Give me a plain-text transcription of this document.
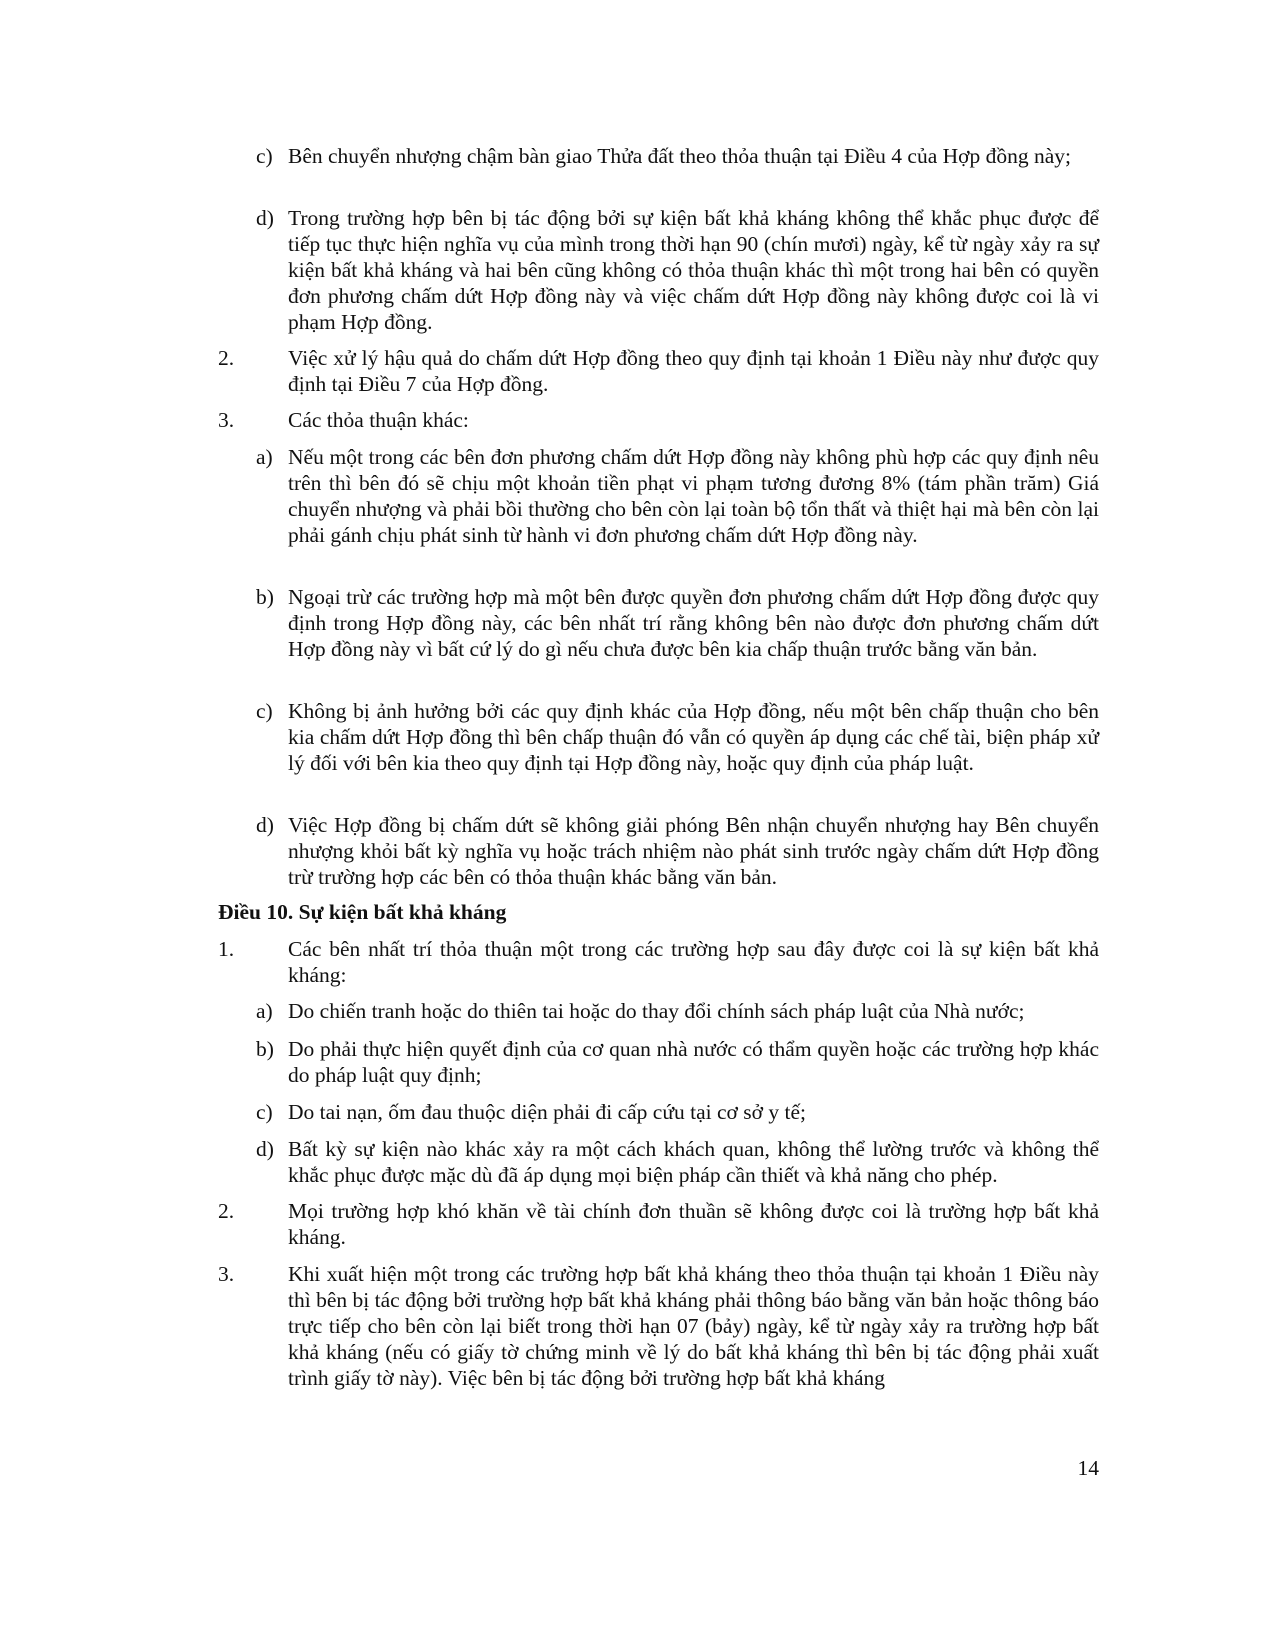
c) Bên chuyển nhượng chậm bàn giao Thửa đất theo thỏa thuận tại Điều 4 của Hợp đồng này;
d) Trong trường hợp bên bị tác động bởi sự kiện bất khả kháng không thể khắc phục được để tiếp tục thực hiện nghĩa vụ của mình trong thời hạn 90 (chín mươi) ngày, kể từ ngày xảy ra sự kiện bất khả kháng và hai bên cũng không có thỏa thuận khác thì một trong hai bên có quyền đơn phương chấm dứt Hợp đồng này và việc chấm dứt Hợp đồng này không được coi là vi phạm Hợp đồng.
2.	Việc xử lý hậu quả do chấm dứt Hợp đồng theo quy định tại khoản 1 Điều này như được quy định tại Điều 7 của Hợp đồng.
3.	Các thỏa thuận khác:
a) Nếu một trong các bên đơn phương chấm dứt Hợp đồng này không phù hợp các quy định nêu trên thì bên đó sẽ chịu một khoản tiền phạt vi phạm tương đương 8% (tám phần trăm) Giá chuyển nhượng và phải bồi thường cho bên còn lại toàn bộ tổn thất và thiệt hại mà bên còn lại phải gánh chịu phát sinh từ hành vi đơn phương chấm dứt Hợp đồng này.
b) Ngoại trừ các trường hợp mà một bên được quyền đơn phương chấm dứt Hợp đồng được quy định trong Hợp đồng này, các bên nhất trí rằng không bên nào được đơn phương chấm dứt Hợp đồng này vì bất cứ lý do gì nếu chưa được bên kia chấp thuận trước bằng văn bản.
c) Không bị ảnh hưởng bởi các quy định khác của Hợp đồng, nếu một bên chấp thuận cho bên kia chấm dứt Hợp đồng thì bên chấp thuận đó vẫn có quyền áp dụng các chế tài, biện pháp xử lý đối với bên kia theo quy định tại Hợp đồng này, hoặc quy định của pháp luật.
d) Việc Hợp đồng bị chấm dứt sẽ không giải phóng Bên nhận chuyển nhượng hay Bên chuyển nhượng khỏi bất kỳ nghĩa vụ hoặc trách nhiệm nào phát sinh trước ngày chấm dứt Hợp đồng trừ trường hợp các bên có thỏa thuận khác bằng văn bản.
Điều 10. Sự kiện bất khả kháng
1.	Các bên nhất trí thỏa thuận một trong các trường hợp sau đây được coi là sự kiện bất khả kháng:
a) Do chiến tranh hoặc do thiên tai hoặc do thay đổi chính sách pháp luật của Nhà nước;
b) Do phải thực hiện quyết định của cơ quan nhà nước có thẩm quyền hoặc các trường hợp khác do pháp luật quy định;
c) Do tai nạn, ốm đau thuộc diện phải đi cấp cứu tại cơ sở y tế;
d) Bất kỳ sự kiện nào khác xảy ra một cách khách quan, không thể lường trước và không thể khắc phục được mặc dù đã áp dụng mọi biện pháp cần thiết và khả năng cho phép.
2.	Mọi trường hợp khó khăn về tài chính đơn thuần sẽ không được coi là trường hợp bất khả kháng.
3.	Khi xuất hiện một trong các trường hợp bất khả kháng theo thỏa thuận tại khoản 1 Điều này thì bên bị tác động bởi trường hợp bất khả kháng phải thông báo bằng văn bản hoặc thông báo trực tiếp cho bên còn lại biết trong thời hạn 07 (bảy) ngày, kể từ ngày xảy ra trường hợp bất khả kháng (nếu có giấy tờ chứng minh về lý do bất khả kháng thì bên bị tác động phải xuất trình giấy tờ này). Việc bên bị tác động bởi trường hợp bất khả kháng
14
